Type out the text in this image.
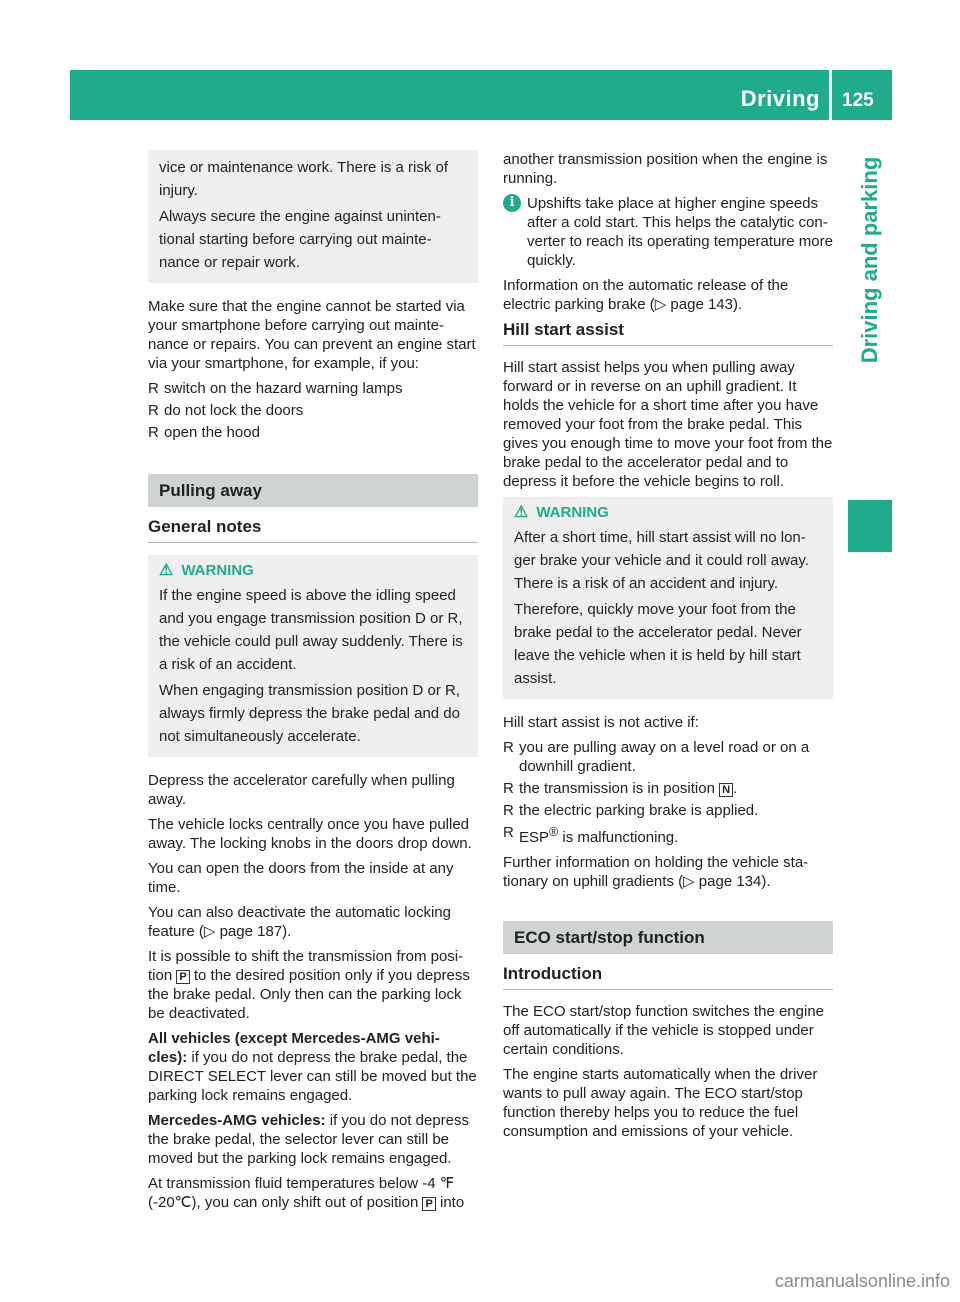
Driving 125
Driving and parking

vice or maintenance work. There is a risk of injury.

Always secure the engine against uninten-tional starting before carrying out mainte-nance or repair work.

Make sure that the engine cannot be started via your smartphone before carrying out mainte-nance or repairs. You can prevent an engine start via your smartphone, for example, if you:

R switch on the hazard warning lamps
R do not lock the doors
R open the hood
Pulling away
General notes
⚠ WARNING

If the engine speed is above the idling speed and you engage transmission position D or R, the vehicle could pull away suddenly. There is a risk of an accident.

When engaging transmission position D or R, always firmly depress the brake pedal and do not simultaneously accelerate.

Depress the accelerator carefully when pulling away.

The vehicle locks centrally once you have pulled away. The locking knobs in the doors drop down.

You can open the doors from the inside at any time.

You can also deactivate the automatic locking feature (▷ page 187).

It is possible to shift the transmission from posi-tion P to the desired position only if you depress the brake pedal. Only then can the parking lock be deactivated.

All vehicles (except Mercedes-AMG vehi-cles): if you do not depress the brake pedal, the DIRECT SELECT lever can still be moved but the parking lock remains engaged.

Mercedes-AMG vehicles: if you do not depress the brake pedal, the selector lever can still be moved but the parking lock remains engaged.

At transmission fluid temperatures below -4 ℉ (-20℃), you can only shift out of position P into

another transmission position when the engine is running.

i Upshifts take place at higher engine speeds after a cold start. This helps the catalytic con-verter to reach its operating temperature more quickly.

Information on the automatic release of the electric parking brake (▷ page 143).

Hill start assist

Hill start assist helps you when pulling away forward or in reverse on an uphill gradient. It holds the vehicle for a short time after you have removed your foot from the brake pedal. This gives you enough time to move your foot from the brake pedal to the accelerator pedal and to depress it before the vehicle begins to roll.

⚠ WARNING

After a short time, hill start assist will no lon-ger brake your vehicle and it could roll away. There is a risk of an accident and injury.

Therefore, quickly move your foot from the brake pedal to the accelerator pedal. Never leave the vehicle when it is held by hill start assist.

Hill start assist is not active if:

R you are pulling away on a level road or on a downhill gradient.
R the transmission is in position N .
R the electric parking brake is applied.
R ESP® is malfunctioning.

Further information on holding the vehicle sta-tionary on uphill gradients (▷ page 134).

ECO start/stop function
Introduction

The ECO start/stop function switches the engine off automatically if the vehicle is stopped under certain conditions.

The engine starts automatically when the driver wants to pull away again. The ECO start/stop function thereby helps you to reduce the fuel consumption and emissions of your vehicle.

carmanualsonline.info
